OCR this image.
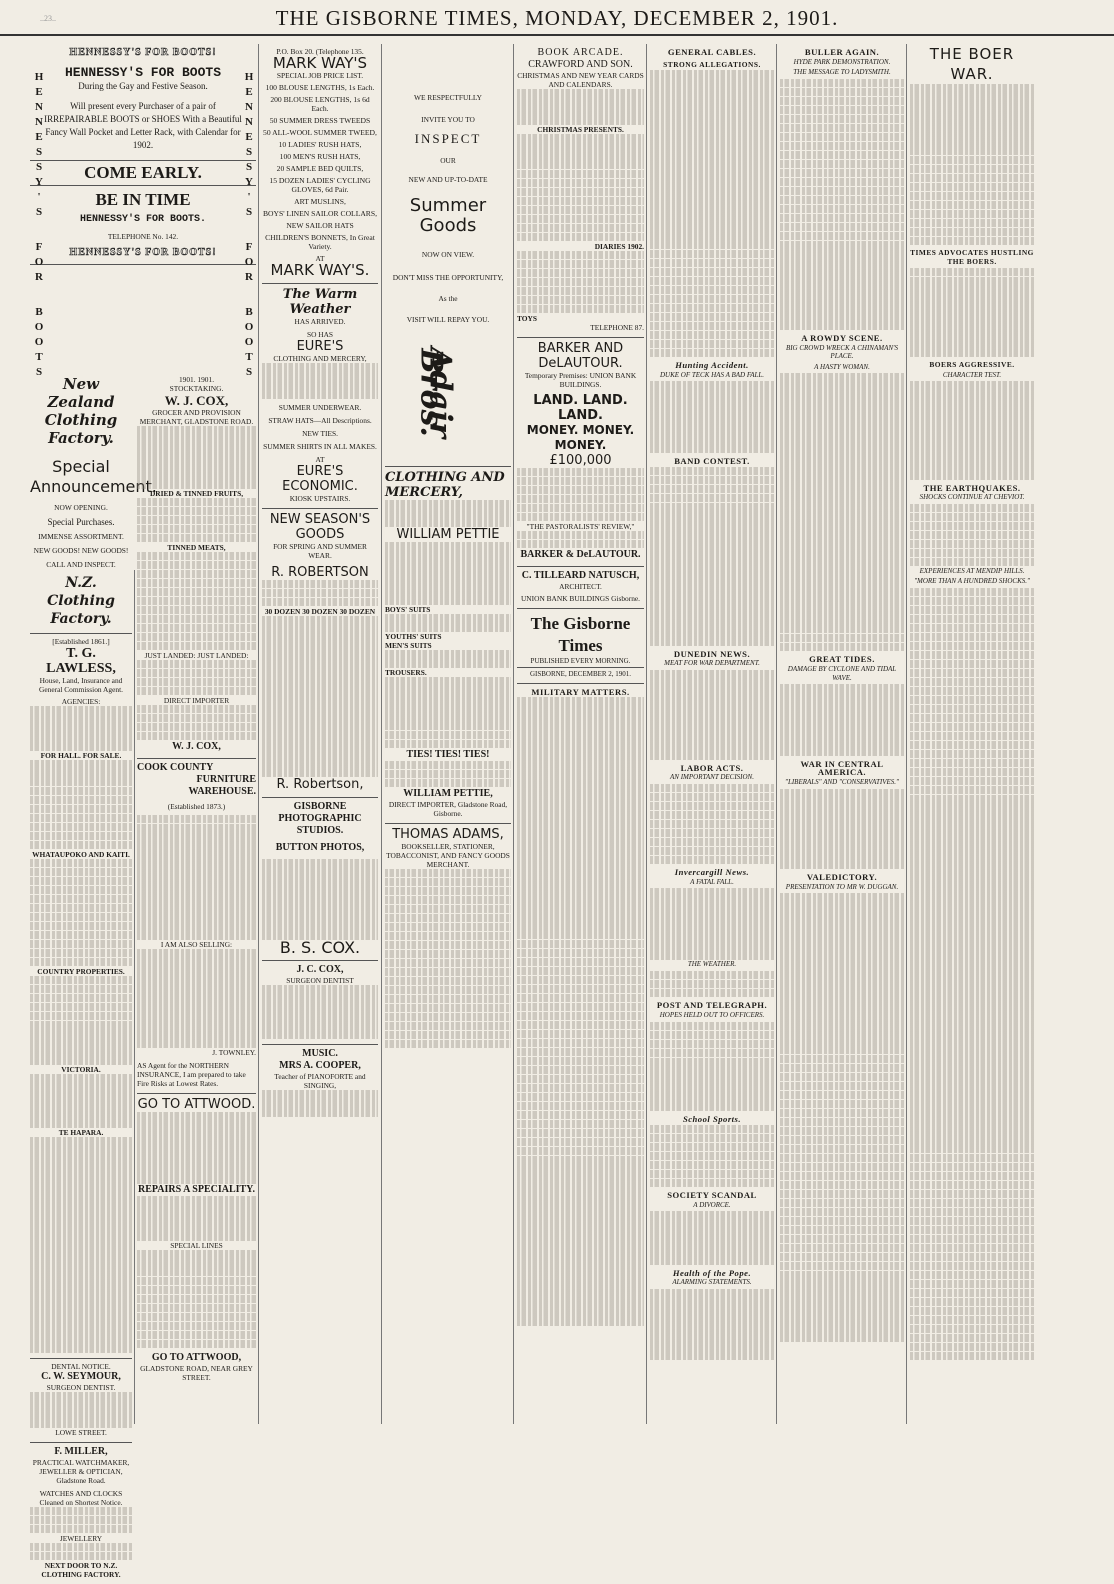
..23..	THE GISBORNE TIMES, MONDAY, DECEMBER 2, 1901.
HENNESSY'S FOR BOOTS!
HENNESSY'S FOR BOOTS
During the Gay and Festive Season.
Will present every Purchaser of a pair of IRREPAIRABLE BOOTS or SHOES With a Beautiful Fancy Wall Pocket and Letter Rack, with Calendar for 1902.
COME EARLY.
BE IN TIME
HENNESSY'S FOR BOOTS.
TELEPHONE No. 142.
HENNESSY'S FOR BOOTS!
H
E
N
N
E
S
S
Y
'
S
F
O
R
B
O
O
T
S
H
E
N
N
E
S
S
Y
'
S
F
O
R
B
O
O
T
S
New Zealand Clothing Factory.
Special Announcement.
NOW OPENING.
Special Purchases.
IMMENSE ASSORTMENT.
NEW GOODS! NEW GOODS!
CALL AND INSPECT.
N.Z. Clothing Factory.
[Established 1861.]
T. G. LAWLESS,
House, Land, Insurance and General Commission Agent.
AGENCIES:
FOR HALL. FOR SALE.
WHATAUPOKO AND KAITI.
COUNTRY PROPERTIES.
VICTORIA.
TE HAPARA.
DENTAL NOTICE.
C. W. SEYMOUR,
SURGEON DENTIST.
LOWE STREET.
F. MILLER,
PRACTICAL WATCHMAKER, JEWELLER & OPTICIAN, Gladstone Road.
WATCHES AND CLOCKS Cleaned on Shortest Notice.
JEWELLERY
NEXT DOOR TO N.Z. CLOTHING FACTORY.
1901. 1901.
STOCKTAKING.
W. J. COX,
GROCER AND PROVISION MERCHANT, GLADSTONE ROAD.
DRIED & TINNED FRUITS,
TINNED MEATS,
JUST LANDED: JUST LANDED:
DIRECT IMPORTER
W. J. COX,
COOK COUNTY
FURNITURE WAREHOUSE.
(Established 1873.)
I AM ALSO SELLING:
J. TOWNLEY.
AS Agent for the NORTHERN INSURANCE, I am prepared to take Fire Risks at Lowest Rates.
GO TO ATTWOOD.
REPAIRS A SPECIALITY.
SPECIAL LINES
GO TO ATTWOOD,
GLADSTONE ROAD, NEAR GREY STREET.
P.O. Box 20. (Telephone 135.
MARK WAY'S
SPECIAL JOB PRICE LIST.
100 BLOUSE LENGTHS, 1s Each.
200 BLOUSE LENGTHS, 1s 6d Each.
50 SUMMER DRESS TWEEDS
50 ALL-WOOL SUMMER TWEED,
10 LADIES' RUSH HATS,
100 MEN'S RUSH HATS,
20 SAMPLE BED QUILTS,
15 DOZEN LADIES' CYCLING GLOVES, 6d Pair.
ART MUSLINS,
BOYS' LINEN SAILOR COLLARS,
NEW SAILOR HATS
CHILDREN'S BONNETS, In Great Variety.
AT
MARK WAY'S.
The Warm Weather
HAS ARRIVED.
SO HAS
EURE'S
CLOTHING AND MERCERY,
SUMMER UNDERWEAR.
STRAW HATS—All Descriptions.
NEW TIES.
SUMMER SHIRTS IN ALL MAKES.
AT
EURE'S ECONOMIC.
KIOSK UPSTAIRS.
NEW SEASON'S GOODS
FOR SPRING AND SUMMER WEAR.
R. ROBERTSON
30 DOZEN 30 DOZEN 30 DOZEN
R. Robertson,
GISBORNE PHOTOGRAPHIC STUDIOS.
BUTTON PHOTOS,
B. S. COX.
J. C. COX,
SURGEON DENTIST
MUSIC.
MRS A. COOPER,
Teacher of PIANOFORTE and SINGING,
WE RESPECTFULLY INVITE YOU TO
INSPECT
OUR
NEW AND UP-TO-DATE
Summer Goods
NOW ON VIEW.
DON'T MISS THE OPPORTUNITY,
As the
VISIT WILL REPAY YOU.
Adair Bros.
CLOTHING AND MERCERY,
WILLIAM PETTIE
BOYS' SUITS
YOUTHS' SUITS
MEN'S SUITS
TROUSERS.
TIES! TIES! TIES!
WILLIAM PETTIE,
DIRECT IMPORTER, Gladstone Road, Gisborne.
THOMAS ADAMS,
BOOKSELLER, STATIONER, TOBACCONIST, AND FANCY GOODS MERCHANT.
BOOK ARCADE.
CRAWFORD AND SON.
CHRISTMAS AND NEW YEAR CARDS AND CALENDARS.
CHRISTMAS PRESENTS.
DIARIES 1902.
TOYS
TELEPHONE 87.
BARKER AND DeLAUTOUR.
Temporary Premises: UNION BANK BUILDINGS.
LAND. LAND. LAND.
MONEY. MONEY. MONEY.
£100,000
"THE PASTORALISTS' REVIEW,"
BARKER & DeLAUTOUR.
C. TILLEARD NATUSCH,
ARCHITECT.
UNION BANK BUILDINGS Gisborne.
The Gisborne Times
PUBLISHED EVERY MORNING.
GISBORNE, DECEMBER 2, 1901.
MILITARY MATTERS.
GENERAL CABLES.
STRONG ALLEGATIONS.
Hunting Accident.
DUKE OF TECK HAS A BAD FALL.
BAND CONTEST.
DUNEDIN NEWS.
MEAT FOR WAR DEPARTMENT.
LABOR ACTS.
AN IMPORTANT DECISION.
Invercargill News.
A FATAL FALL.
THE WEATHER.
POST AND TELEGRAPH.
HOPES HELD OUT TO OFFICERS.
School Sports.
SOCIETY SCANDAL
A DIVORCE.
Health of the Pope.
ALARMING STATEMENTS.
BULLER AGAIN.
HYDE PARK DEMONSTRATION.
THE MESSAGE TO LADYSMITH.
A ROWDY SCENE.
BIG CROWD WRECK A CHINAMAN'S PLACE.
A HASTY WOMAN.
GREAT TIDES.
DAMAGE BY CYCLONE AND TIDAL WAVE.
WAR IN CENTRAL AMERICA.
"LIBERALS" AND "CONSERVATIVES."
VALEDICTORY.
PRESENTATION TO MR W. DUGGAN.
THE BOER WAR.
TIMES ADVOCATES HUSTLING THE BOERS.
BOERS AGGRESSIVE.
CHARACTER TEST.
THE EARTHQUAKES.
SHOCKS CONTINUE AT CHEVIOT.
EXPERIENCES AT MENDIP HILLS.
"MORE THAN A HUNDRED SHOCKS."
